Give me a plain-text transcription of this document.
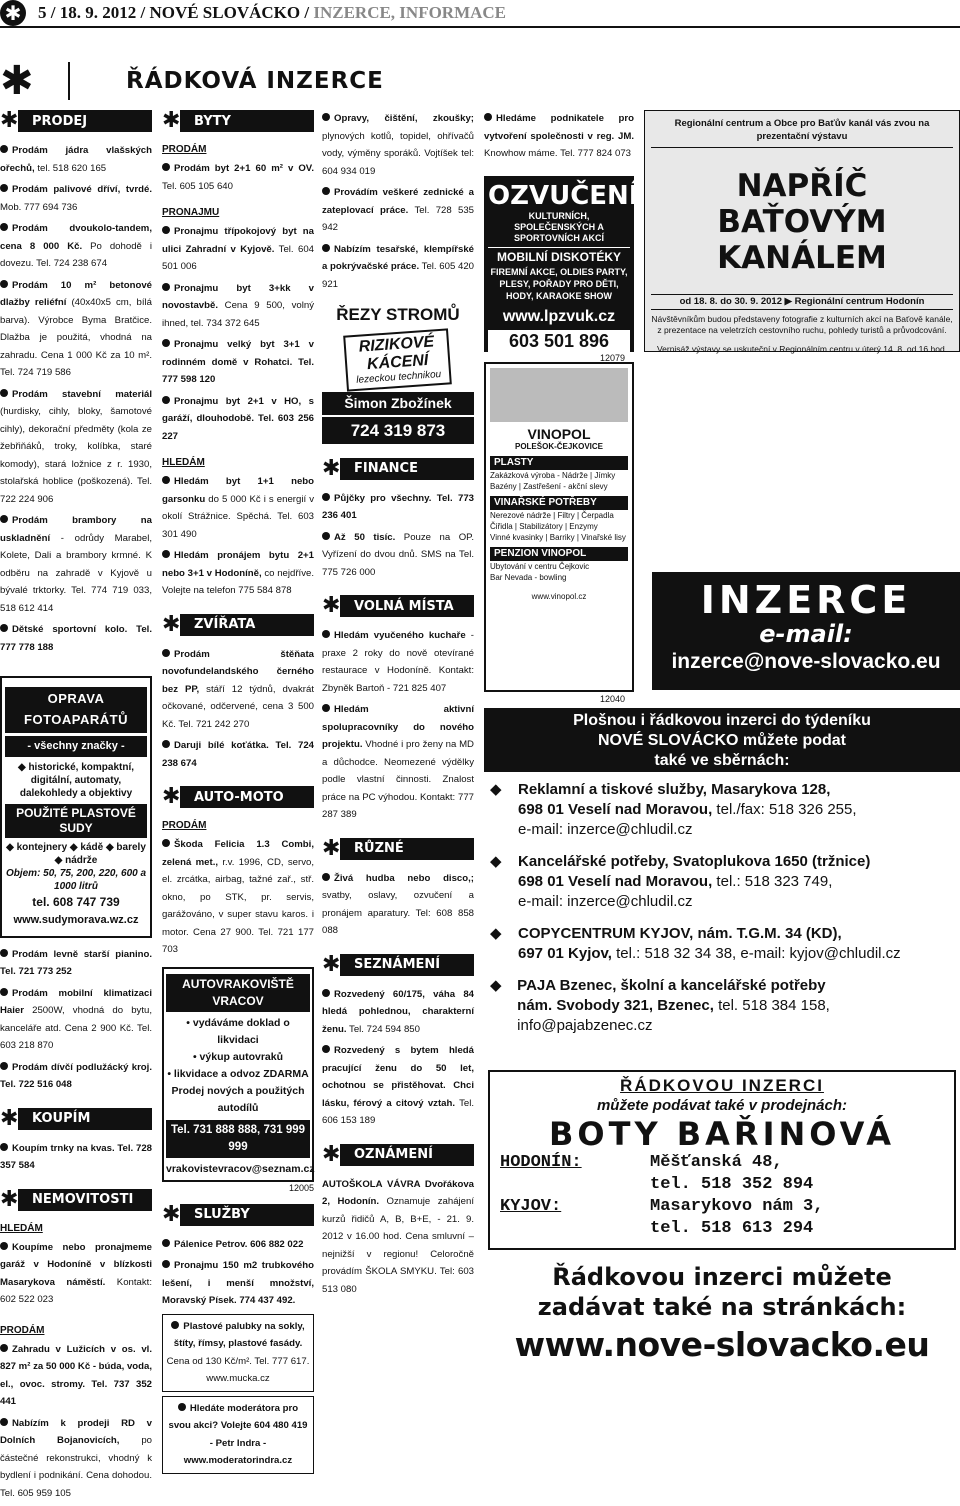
✱ 5 / 18. 9. 2012 / NOVÉ SLOVÁCKO / INZERCE, INFORMACE
✱	ŘÁDKOVÁ INZERCE
✱	PRODEJ
Prodám jádra vlašských ořechů, tel. 518 620 165
Prodám palivové dříví, tvrdé. Mob. 777 694 736
Prodám dvoukolo-tandem, cena 8 000 Kč. Po dohodě i dovezu. Tel. 724 238 674
Prodám 10 m² betonové dlažby reliéfní (40x40x5 cm, bílá barva). Výrobce Byma Bratčice. Dlažba je použitá, vhodná na zahradu. Cena 1 000 Kč za 10 m². Tel. 724 719 586
Prodám stavební materiál (hurdisky, cihly, bloky, šamotové cihly), dekorační předměty (kola ze žebřiňáků, troky, kolíbka, staré komody), stará ložnice z r. 1930, stolařská hoblice (poškozená). Tel. 722 224 906
Prodám brambory na uskladnění - odrůdy Marabel, Kolete, Dali a brambory krmné. K odběru na zahradě v Kyjově u bývalé trktorky. Tel. 774 719 033, 518 612 414
Dětské sportovní kolo. Tel. 777 778 188
OPRAVA FOTOAPARÁTŮ
- všechny značky -
◆ historické, kompaktní, digitální, automaty, dalekohledy a objektivy
POUŽITÉ PLASTOVÉ SUDY
◆ kontejnery ◆ kádě ◆ barely ◆ nádrže
Objem: 50, 75, 200, 220, 600 a 1000 litrů
tel. 608 747 739
www.sudymorava.wz.cz
Prodám levně starší pianino. Tel. 721 773 252
Prodám mobilní klimatizaci Haier 2500W, vhodná do bytu, kanceláře atd. Cena 2 900 Kč. Tel. 603 218 870
Prodám dívčí podlužácký kroj. Tel. 722 516 048
✱	KOUPÍM
Koupím trnky na kvas. Tel. 728 357 584
✱	NEMOVITOSTI
HLEDÁM
Koupíme nebo pronajmeme garáž v Hodoníně v blízkosti Masarykova náměstí. Kontakt: 602 522 023
PRODÁM
Zahradu v Lužicích v os. vl. 827 m² za 50 000 Kč - búda, voda, el., ovoc. stromy. Tel. 737 352 441
Nabízím k prodeji RD v Dolních Bojanovicích, po částečné rekonstrukci, vhodný k bydlení i podnikání. Cena dohodou. Tel. 605 959 105
✱	BYTY
PRODÁM
Prodám byt 2+1 60 m² v OV. Tel. 605 105 640
PRONAJMU
Pronajmu třípokojový byt na ulici Zahradní v Kyjově. Tel. 604 501 006
Pronajmu byt 3+kk v novostavbě. Cena 9 500, volný ihned, tel. 734 372 645
Pronajmu velký byt 3+1 v rodinném domě v Rohatci. Tel. 777 598 120
Pronajmu byt 2+1 v HO, s garáží, dlouhodobě. Tel. 603 256 227
HLEDÁM
Hledám byt 1+1 nebo garsonku do 5 000 Kč i s energií v okolí Strážnice. Spěchá. Tel. 603 301 490
Hledám pronájem bytu 2+1 nebo 3+1 v Hodoníně, co nejdříve. Volejte na telefon 775 584 878
✱	ZVÍŘATA
Prodám štěňata novofundelandského černého bez PP, stáří 12 týdnů, dvakrát očkované, odčervené, cena 3 500 Kč. Tel. 721 242 270
Daruji bílé koťátka. Tel. 724 238 674
✱	AUTO-MOTO
PRODÁM
Škoda Felicia 1.3 Combi, zelená met., r.v. 1996, CD, servo, el. zrcátka, airbag, tažné zař., stř. okno, po STK, pr. servis, garážováno, v super stavu karos. i motor. Cena 27 900. Tel. 721 177 703
AUTOVRAKOVIŠTĚ VRACOV
• vydáváme doklad o likvidaci
• výkup autovraků
• likvidace a odvoz ZDARMA
Prodej nových a použitých autodílů
Tel. 731 888 888, 731 999 999
vrakovistevracov@seznam.cz
12005
✱	SLUŽBY
Pálenice Petrov. 606 882 022
Pronajmu 150 m2 trubkového lešení, i menší množství, Moravský Písek. 774 437 492.
Plastové palubky na sokly, štíty, římsy, plastové fasády. Cena od 130 Kč/m². Tel. 777 617. www.mucka.cz
Hledáte moderátora pro svou akci? Volejte 604 480 419 - Petr Indra - www.moderatorindra.cz
Opravy, čištění, zkoušky; plynových kotlů, topidel, ohřívačů vody, výměny sporáků. Vojtíšek tel: 604 934 019
Provádím veškeré zednické a zateplovací práce. Tel. 728 535 942
Nabízím tesařské, klempířské a pokrývačské práce. Tel. 605 420 921
ŘEZY STROMŮ
RIZIKOVÉ
KÁCENÍ
lezeckou technikou
Šimon Zbožínek
724 319 873
✱	FINANCE
Půjčky pro všechny. Tel. 773 236 401
Až 50 tisíc. Pouze na OP. Vyřízení do dvou dnů. SMS na Tel. 775 726 000
✱	VOLNÁ MÍSTA
Hledám vyučeného kuchaře - praxe 2 roky do nově otevírané restaurace v Hodoníně. Kontakt: Zbyněk Bartoň - 721 825 407
Hledám aktivní spolupracovníky do nového projektu. Vhodné i pro ženy na MD a důchodce. Neomezené výdělky podle vlastní činnosti. Znalost práce na PC výhodou. Kontakt: 777 287 389
✱	RŮZNÉ
Živá hudba nebo disco,; svatby, oslavy, ozvučení a pronájem aparatury. Tel: 608 858 088
✱	SEZNÁMENÍ
Rozvedený 60/175, váha 84 hledá pohlednou, charakterní ženu. Tel. 724 594 850
Rozvedený s bytem hledá pracující ženu do 50 let, ochotnou se přistěhovat. Chci lásku, férový a citový vztah. Tel. 606 153 189
✱	OZNÁMENÍ
AUTOŠKOLA VÁVRA Dvořákova 2, Hodonín. Oznamuje zahájení kurzů řidičů A, B, B+E, - 21. 9. 2012 v 16.00 hod. Cena smluvní – nejnižší v regionu! Celoročně provádím ŠKOLA SMYKU. Tel: 603 513 080
Hledáme podnikatele pro vytvoření společnosti v reg. JM. Knowhow máme. Tel. 777 824 073
OZVUČENÍ
KULTURNÍCH, SPOLEČENSKÝCH A SPORTOVNÍCH AKCÍ
MOBILNÍ DISKOTÉKY
FIREMNÍ AKCE, OLDIES PARTY, PLESY, POŘADY PRO DĚTI, HODY, KARAOKE SHOW
www.lpzvuk.cz
603 501 896
12079
Regionální centrum a Obce pro Baťův kanál vás zvou na prezentační výstavu
NAPŘÍČ BAŤOVÝM
KANÁLEM
od 18. 8. do 30. 9. 2012 ▶ Regionální centrum Hodonín
Návštěvníkům budou představeny fotografie z kulturních akcí na Baťově kanále, z prezentace na veletrzích cestovního ruchu, pohledy turistů a průvodcování.
Vernisáž výstavy se uskuteční v Regionálním centru v úterý 14. 8. od 16 hod.
VINOPOL
POLEŠOK-ČEJKOVICE
PLASTY
Zakázková výroba - Nádrže | Jímky
Bazény | Zastřešení - akční slevy
VINAŘSKÉ POTŘEBY
Nerezové nádrže | Filtry | Čerpadla
Čiřidla | Stabilizátory | Enzymy
Vinné kvasinky | Barriky | Vinařské lisy
PENZION VINOPOL
Ubytování v centru Čejkovic
Bar Nevada - bowling
www.vinopol.cz
12040
INZERCE
e-mail:
inzerce@nove-slovacko.eu
Plošnou i řádkovou inzerci do týdeníku
NOVÉ SLOVÁCKO můžete podat
také ve sběrnách:
◆	Reklamní a tiskové služby, Masarykova 128,
698 01 Veselí nad Moravou, tel./fax: 518 326 255,
e-mail: inzerce@chludil.cz
◆	Kancelářské potřeby, Svatoplukova 1650 (tržnice)
698 01 Veselí nad Moravou, tel.: 518 323 749,
e-mail: inzerce@chludil.cz
◆	COPYCENTRUM KYJOV, nám. T.G.M. 34 (KD),
697 01 Kyjov, tel.: 518 32 34 38, e-mail: kyjov@chludil.cz
◆	PAJA Bzenec, školní a kancelářské potřeby
nám. Svobody 321, Bzenec, tel. 518 384 158, info@pajabzenec.cz
ŘÁDKOVOU INZERCI
můžete podávat také v prodejnách:
BOTY BAŘINOVÁ
HODONÍN:	Měšťanská 48,
tel. 518 352 894
KYJOV:	Masarykovo nám 3,
tel. 518 613 294
Řádkovou inzerci můžete
zadávat také na stránkách:
www.nove-slovacko.eu
